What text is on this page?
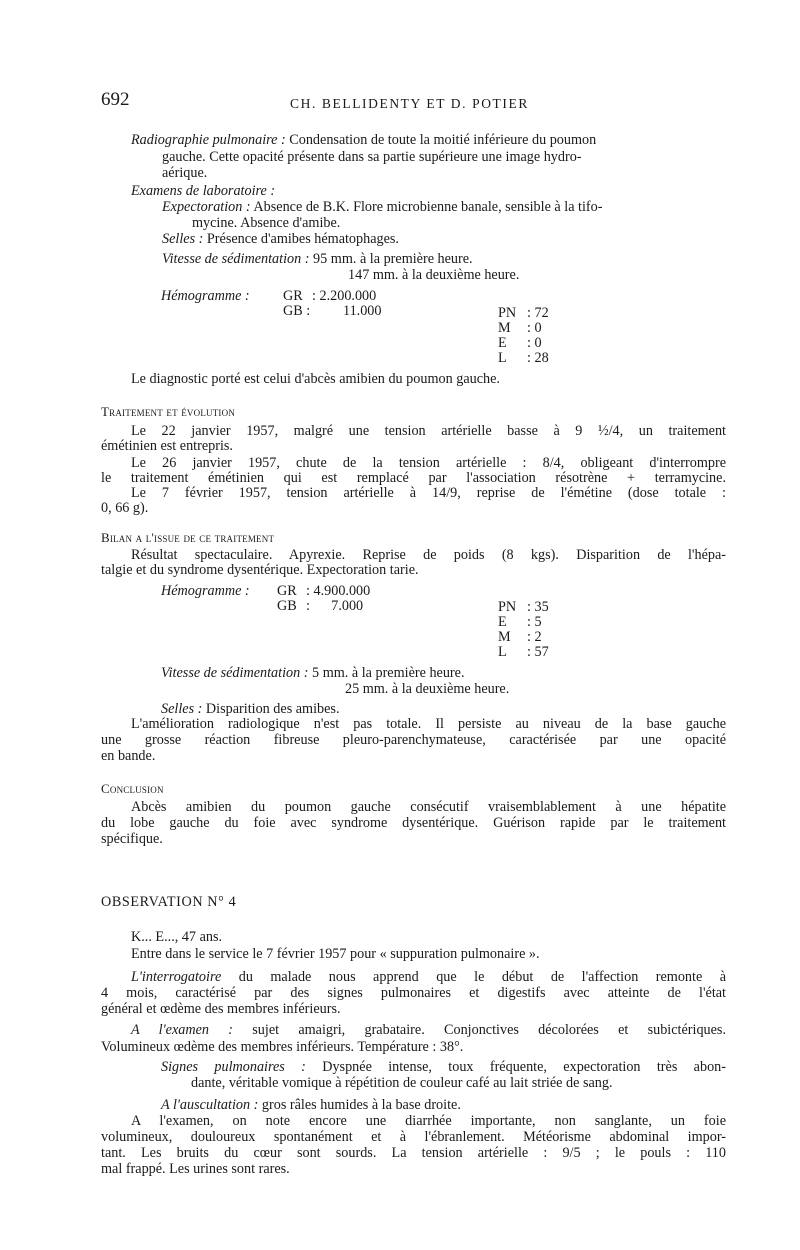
692	CH. BELLIDENTY ET D. POTIER
Radiographie pulmonaire : Condensation de toute la moitié inférieure du poumon
gauche. Cette opacité présente dans sa partie supérieure une image hydro-
aérique.
Examens de laboratoire :
Expectoration : Absence de B.K. Flore microbienne banale, sensible à la tifo-
mycine. Absence d'amibe.
Selles : Présence d'amibes hématophages.
Vitesse de sédimentation : 95 mm. à la première heure.
147 mm. à la deuxième heure.
Hémogramme : GR : 2.200.000
GB : 11.000	PN : 72
M : 0
E : 0
L : 28
Le diagnostic porté est celui d'abcès amibien du poumon gauche.
Traitement et évolution
Le 22 janvier 1957, malgré une tension artérielle basse à 9 ½/4, un traitement
émétinien est entrepris.
Le 26 janvier 1957, chute de la tension artérielle : 8/4, obligeant d'interrompre
le traitement émétinien qui est remplacé par l'association résotrène + terramycine.
Le 7 février 1957, tension artérielle à 14/9, reprise de l'émétine (dose totale :
0, 66 g).
Bilan a l'issue de ce traitement
Résultat spectaculaire. Apyrexie. Reprise de poids (8 kgs). Disparition de l'hépa-
talgie et du syndrome dysentérique. Expectoration tarie.
Hémogramme : GR : 4.900.000
GB :      7.000	PN : 35
E : 5
M : 2
L : 57
Vitesse de sédimentation : 5 mm. à la première heure.
25 mm. à la deuxième heure.
Selles : Disparition des amibes.
L'amélioration radiologique n'est pas totale. Il persiste au niveau de la base gauche
une grosse réaction fibreuse pleuro-parenchymateuse, caractérisée par une opacité
en bande.
Conclusion
Abcès amibien du poumon gauche consécutif vraisemblablement à une hépatite
du lobe gauche du foie avec syndrome dysentérique. Guérison rapide par le traitement
spécifique.
OBSERVATION N° 4
K... E..., 47 ans.
Entre dans le service le 7 février 1957 pour « suppuration pulmonaire ».
L'interrogatoire du malade nous apprend que le début de l'affection remonte à
4 mois, caractérisé par des signes pulmonaires et digestifs avec atteinte de l'état
général et œdème des membres inférieurs.
A l'examen : sujet amaigri, grabataire. Conjonctives décolorées et subictériques.
Volumineux œdème des membres inférieurs. Température : 38°.
Signes pulmonaires : Dyspnée intense, toux fréquente, expectoration très abon-
dante, véritable vomique à répétition de couleur café au lait striée de sang.
A l'auscultation : gros râles humides à la base droite.
A l'examen, on note encore une diarrhée importante, non sanglante, un foie
volumineux, douloureux spontanément et à l'ébranlement. Météorisme abdominal impor-
tant. Les bruits du cœur sont sourds. La tension artérielle : 9/5 ; le pouls : 110
mal frappé. Les urines sont rares.
